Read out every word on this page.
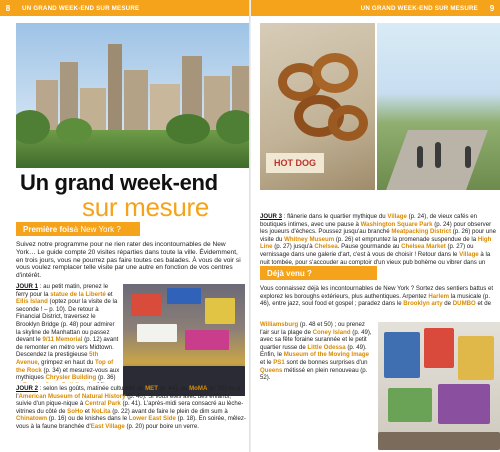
8	UN GRAND WEEK-END SUR MESURE	UN GRAND WEEK-END SUR MESURE	9
HOT DOG
Un grand week-end
sur mesure
Première fois à New York ?
Suivez notre programme pour ne rien rater des incontournables de New York… Le guide compte 20 visites réparties dans toute la ville. Évidemment, en trois jours, vous ne pourrez pas faire toutes ces balades. À vous de voir si vous voulez remplacer telle visite par une autre en fonction de vos centres d'intérêt.
JOUR 1 : au petit matin, prenez le ferry pour la statue de la Liberté et Ellis Island (optez pour la visite de la seconde ! – p. 10). De retour à Financial District, traversez le Brooklyn Bridge (p. 48) pour admirer la skyline de Manhattan ou passez devant le 9/11 Memorial (p. 12) avant de remonter en métro vers Midtown. Descendez la prestigieuse 5th Avenue, grimpez en haut du Top of the Rock (p. 34) et mesurez-vous aux mythiques Chrysler Building (p. 36)
JOUR 2 : selon les goûts, matinée culturelle au MET (p. 44), au MoMA (p. 35) ou à l'American Museum of Natural History (p. 40). Si vous êtes avec des enfants, suivie d'un pique-nique à Central Park (p. 41). L'après-midi sera consacré au lèche-vitrines du côté de SoHo et NoLita (p. 22) avant de faire le plein de dim sum à Chinatown (p. 16) ou de knishes dans le Lower East Side (p. 18). En soirée, mêlez-vous à la faune branchée d'East Village (p. 20) pour boire un verre.
JOUR 3 : flânerie dans le quartier mythique du Village (p. 24), de vieux cafés en boutiques intimes, avec une pause à Washington Square Park (p. 24) pour observer les joueurs d'échecs. Poussez jusqu'au branché Meatpacking District (p. 26) pour une visite du Whitney Museum (p. 26) et empruntez la promenade suspendue de la High Line (p. 27) jusqu'à Chelsea. Pause gourmande au Chelsea Market (p. 27) ou vernissage dans une galerie d'art, c'est à vous de choisir ! Retour dans le Village à la nuit tombée, pour s'accouder au comptoir d'un vieux pub bohème ou vibrer dans un
Déjà venu ?
Vous connaissez déjà les incontournables de New York ? Sortez des sentiers battus et explorez les boroughs extérieurs, plus authentiques. Arpentez Harlem la musicale (p. 46), entre jazz, soul food et gospel ; paradez dans le Brooklyn arty de DUMBO et de
Williamsburg (p. 48 et 50) ; ou prenez l'air sur la plage de Coney Island (p. 49), avec sa fête foraine surannée et le petit quartier russe de Little Odessa (p. 49). Enfin, le Museum of the Moving Image et le PS1 sont de bonnes surprises d'un Queens métissé en plein renouveau (p. 52).
